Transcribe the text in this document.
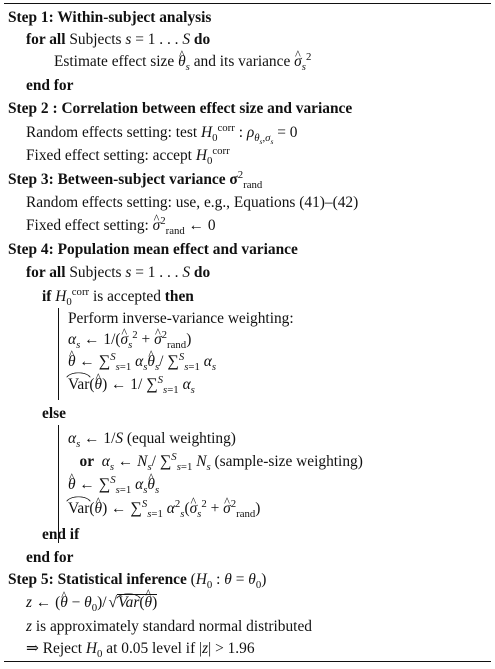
Step 1: Within-subject analysis
for all Subjects s = 1 . . . S do
Estimate effect size θ $\^{}_s$ and its variance σ $\^{}_s^2$
end for
Step 2 : Correlation between effect size and variance
Random effects setting: test $H_0^{corr}$ : $\rho_{\theta_s,\sigma_s} = 0$
Fixed effect setting: accept $H_0^{corr}$
Step 3: Between-subject variance $\sigma^2_{rand}$
Random effects setting: use, e.g., Equations (41)–(42)
Fixed effect setting: σ ^$^2_{rand}$ ← 0
Step 4: Population mean effect and variance
for all Subjects s = 1 . . . S do
if $H_0^{corr}$ is accepted then
Perform inverse-variance weighting:
$\alpha_s$ ← 1/(σ $\^{}_s^2 + \sigma$ ^$^2_{rand}$)
θ ^ ← ∑$^S_{s=1}$ $\alpha_s\theta$ $\^{}_s/$ ∑$^S_{s=1}$ $\alpha_s$
Var(θ ^) ← 1/ ∑$^S_{s=1}$ $\alpha_s$
else
$\alpha_s$ ← 1/S (equal weighting)
or $\alpha_s$ ← $N_s/$ ∑$^S_{s=1}$ $N_s$ (sample-size weighting)
θ ^ ← ∑$^S_{s=1}$ $\alpha_s\theta$ $\^{}_s$
Var(θ ^) ← ∑$^S_{s=1}$ $\alpha^2_s(\sigma$ $\^{}_s^2 + \sigma$ ^$^2_{rand}$)
end if
end for
Step 5: Statistical inference ($H_0$ : $\theta = \theta_0$)
z ← (θ ^ − $\theta_0)/$ √Var(θ ^)
z is approximately standard normal distributed
⇒ Reject $H_0$ at 0.05 level if |z| > 1.96
